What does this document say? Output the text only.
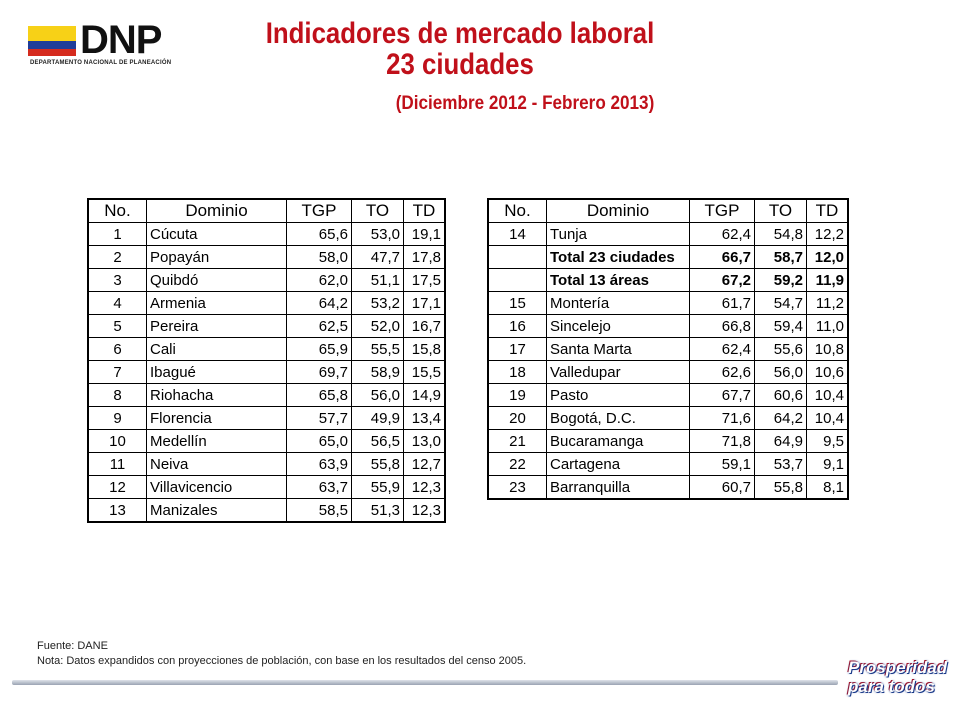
DNP
DEPARTAMENTO NACIONAL DE PLANEACIÓN
Indicadores de mercado laboral
23 ciudades
(Diciembre 2012 - Febrero 2013)
No.	Dominio	TGP	TO	TD
1	Cúcuta	65,6	53,0	19,1
2	Popayán	58,0	47,7	17,8
3	Quibdó	62,0	51,1	17,5
4	Armenia	64,2	53,2	17,1
5	Pereira	62,5	52,0	16,7
6	Cali	65,9	55,5	15,8
7	Ibagué	69,7	58,9	15,5
8	Riohacha	65,8	56,0	14,9
9	Florencia	57,7	49,9	13,4
10	Medellín	65,0	56,5	13,0
11	Neiva	63,9	55,8	12,7
12	Villavicencio	63,7	55,9	12,3
13	Manizales	58,5	51,3	12,3
No.	Dominio	TGP	TO	TD
14	Tunja	62,4	54,8	12,2
	Total 23 ciudades	66,7	58,7	12,0
	Total 13 áreas	67,2	59,2	11,9
15	Montería	61,7	54,7	11,2
16	Sincelejo	66,8	59,4	11,0
17	Santa Marta	62,4	55,6	10,8
18	Valledupar	62,6	56,0	10,6
19	Pasto	67,7	60,6	10,4
20	Bogotá, D.C.	71,6	64,2	10,4
21	Bucaramanga	71,8	64,9	9,5
22	Cartagena	59,1	53,7	9,1
23	Barranquilla	60,7	55,8	8,1
Fuente: DANE
Nota: Datos expandidos con proyecciones de población, con base en los resultados del censo 2005.	Prosperidad
para todos
